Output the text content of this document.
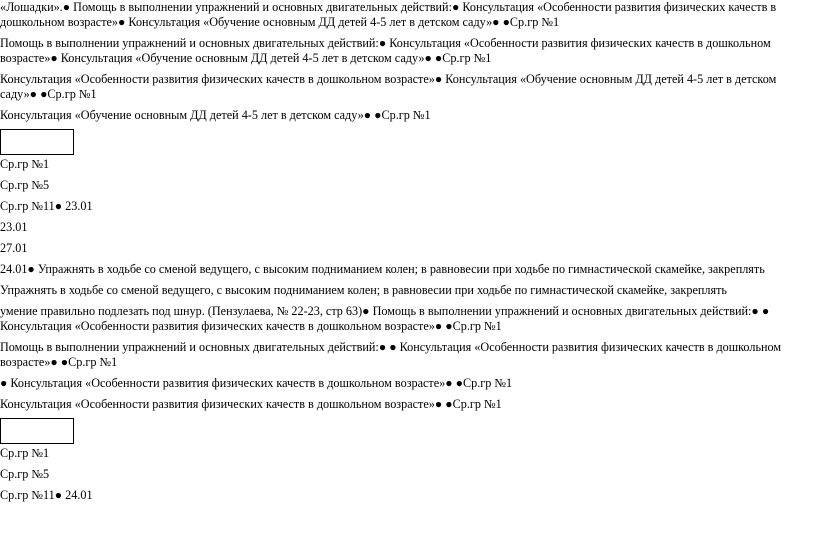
«Лошадки».● Помощь в выполнении упражнений и основных двигательных действий:● Консультация «Особенности развития физических качеств в дошкольном возрасте»● Консультация «Обучение основным ДД детей 4-5 лет в детском саду»● ●Ср.гр №1

Помощь в выполнении упражнений и основных двигательных действий:● Консультация «Особенности развития физических качеств в дошкольном возрасте»● Консультация «Обучение основным ДД детей 4-5 лет в детском саду»● ●Ср.гр №1

Консультация «Особенности развития физических качеств в дошкольном возрасте»● Консультация «Обучение основным ДД детей 4-5 лет в детском саду»● ●Ср.гр №1

Консультация «Обучение основным ДД детей 4-5 лет в детском саду»● ●Ср.гр №1

Ср.гр №1

Ср.гр №5

Ср.гр №11● 23.01

23.01

27.01

24.01● Упражнять в ходьбе со сменой ведущего, с высоким подниманием колен; в равновесии при ходьбе по гимнастической скамейке, закреплять

Упражнять в ходьбе со сменой ведущего, с высоким подниманием колен; в равновесии при ходьбе по гимнастической скамейке, закреплять

умение правильно подлезать под шнур. (Пензулаева, № 22-23, стр 63)● Помощь в выполнении упражнений и основных двигательных действий:● ● Консультация «Особенности развития физических качеств в дошкольном возрасте»● ●Ср.гр №1

Помощь в выполнении упражнений и основных двигательных действий:● ● Консультация «Особенности развития физических качеств в дошкольном возрасте»● ●Ср.гр №1

● Консультация «Особенности развития физических качеств в дошкольном возрасте»● ●Ср.гр №1

Консультация «Особенности развития физических качеств в дошкольном возрасте»● ●Ср.гр №1

Ср.гр №1

Ср.гр №5

Ср.гр №11● 24.01
